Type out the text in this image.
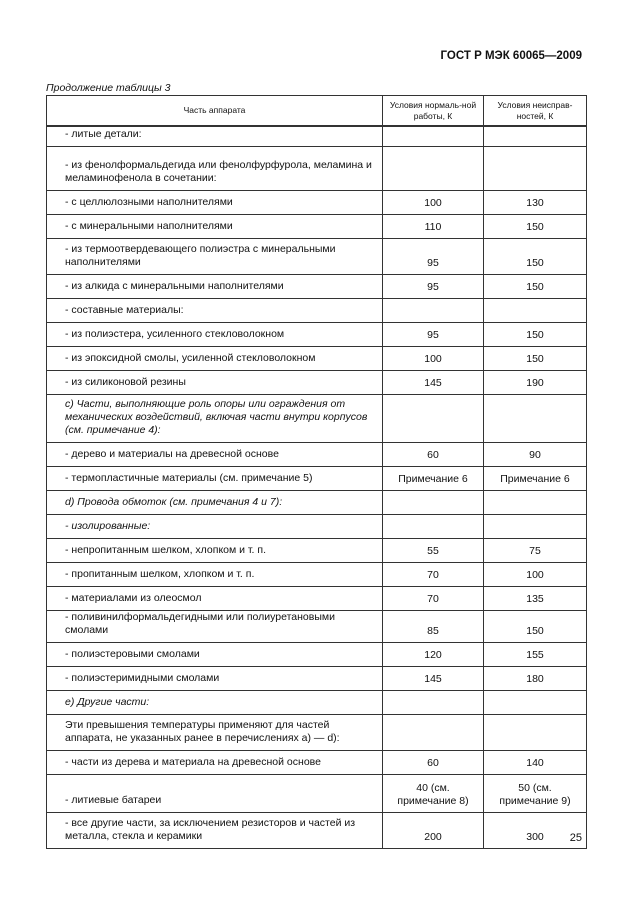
ГОСТ Р МЭК 60065—2009
Продолжение таблицы 3
Часть аппарата	Условия нормаль-ной работы, К	Условия неисправ-ностей, К
- литые детали:		
- из фенолформальдегида или фенолфурфурола, меламина и меламинофенола в сочетании:		
- с целлюлозными наполнителями	100	130
- с минеральными наполнителями	110	150
- из термоотвердевающего полиэстра с минеральными наполнителями	95	150
- из алкида с минеральными наполнителями	95	150
- составные материалы:		
- из полиэстера, усиленного стекловолокном	95	150
- из эпоксидной смолы, усиленной стекловолокном	100	150
- из силиконовой резины	145	190
c) Части, выполняющие роль опоры или ограждения от механических воздействий, включая части внутри корпусов (см. примечание 4):		
- дерево и материалы на древесной основе	60	90
- термопластичные материалы (см. примечание 5)	Примечание 6	Примечание 6
d) Провода обмоток (см. примечания 4 и 7):		
- изолированные:		
- непропитанным шелком, хлопком и т. п.	55	75
- пропитанным шелком, хлопком и т. п.	70	100
- материалами из олеосмол	70	135
- поливинилформальдегидными или полиуретановыми смолами	85	150
- полиэстеровыми смолами	120	155
- полиэстеримидными смолами	145	180
e) Другие части:		
Эти превышения температуры применяют для частей аппарата, не указанных ранее в перечислениях a) — d):		
- части из дерева и материала на древесной основе	60	140
- литиевые батареи	40 (см. примечание 8)	50 (см. примечание 9)
- все другие части, за исключением резисторов и частей из металла, стекла и керамики	200	300 25
